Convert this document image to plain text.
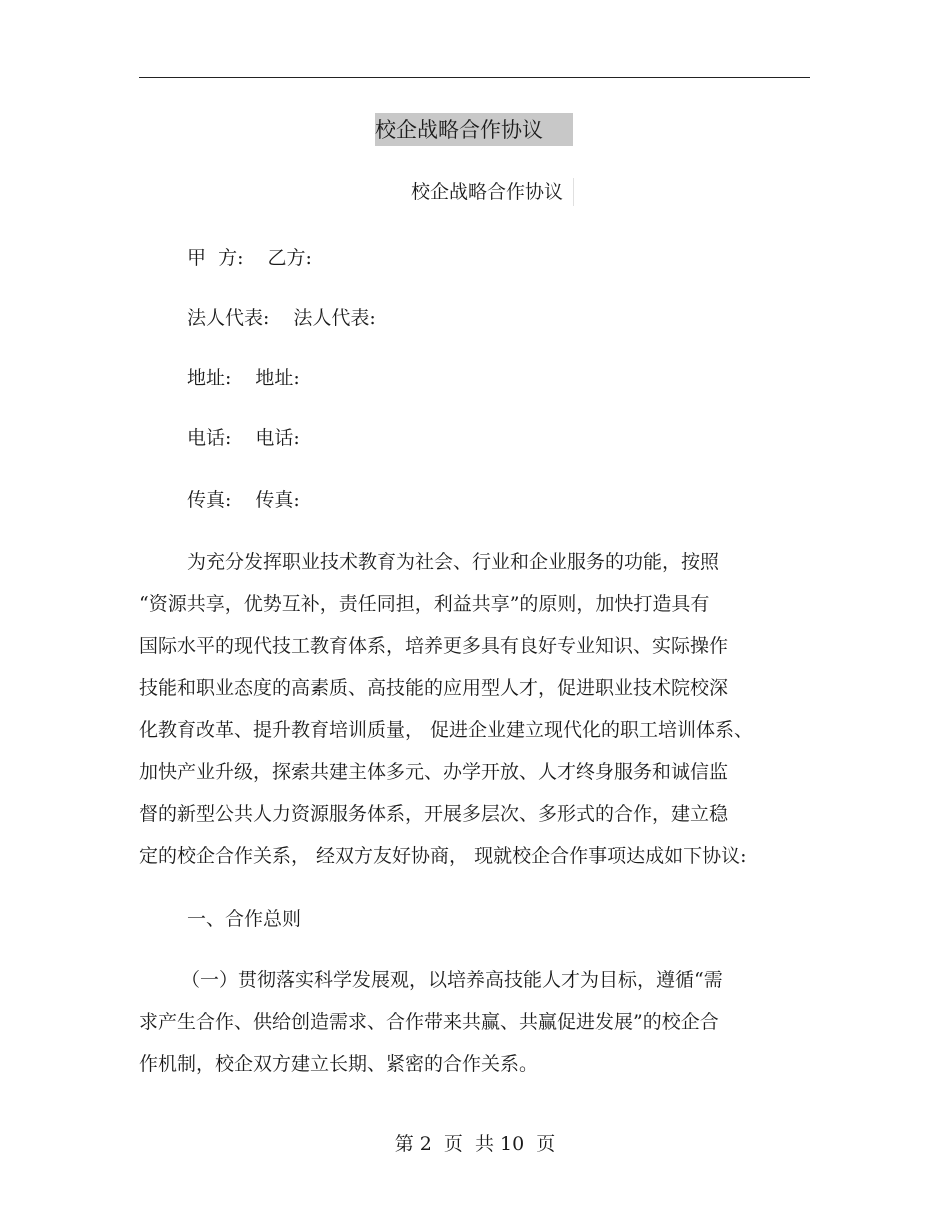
校企战略合作协议
校企战略合作协议
甲  方: 乙方:
法人代表: 法人代表:
地址: 地址:
电话: 电话:
传真: 传真:
为充分发挥职业技术教育为社会、行业和企业服务的功能，按照
“资源共享，优势互补，责任同担，利益共享”的原则，加快打造具有
国际水平的现代技工教育体系，培养更多具有良好专业知识、实际操作
技能和职业态度的高素质、高技能的应用型人才，促进职业技术院校深
化教育改革、提升教育培训质量， 促进企业建立现代化的职工培训体系、
加快产业升级，探索共建主体多元、办学开放、人才终身服务和诚信监
督的新型公共人力资源服务体系，开展多层次、多形式的合作，建立稳
定的校企合作关系， 经双方友好协商， 现就校企合作事项达成如下协议:
一、合作总则
（一）贯彻落实科学发展观，以培养高技能人才为目标，遵循“需
求产生合作、供给创造需求、合作带来共赢、共赢促进发展”的校企合
作机制，校企双方建立长期、紧密的合作关系。
第 2  页  共 10  页
